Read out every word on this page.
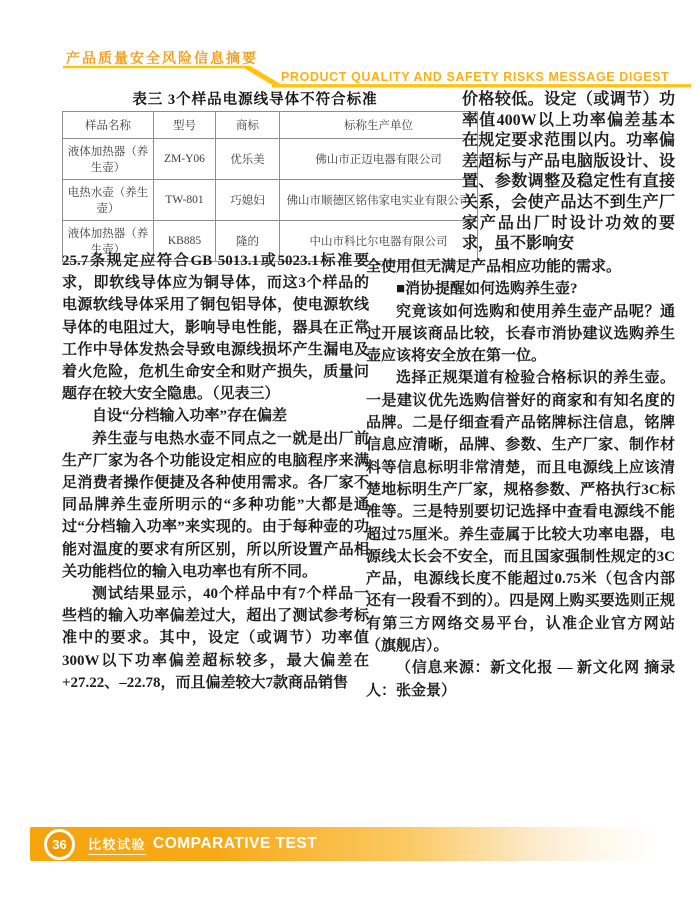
产品质量安全风险信息摘要
PRODUCT QUALITY AND SAFETY RISKS MESSAGE DIGEST
表三 3个样品电源线导体不符合标准
样品名称	型号	商标	标称生产单位
液体加热器（养生壶）	ZM-Y06	优乐美	佛山市正迈电器有限公司
电热水壶（养生壶）	TW-801	巧媳妇	佛山市顺德区铭伟家电实业有限公司
液体加热器（养生壶）	KB885	隆的	中山市科比尔电器有限公司

价格较低。设定（或调节）功率值400W以上功率偏差基本在规定要求范围以内。功率偏差超标与产品电脑版设计、设置、参数调整及稳定性有直接关系，会使产品达不到生产厂家产品出厂时设计功效的要求，虽不影响安

25.7条规定应符合GB 5013.1或5023.1标准要求，即软线导体应为铜导体，而这3个样品的电源软线导体采用了铜包铝导体，使电源软线导体的电阻过大，影响导电性能，器具在正常工作中导体发热会导致电源线损坏产生漏电及着火危险，危机生命安全和财产损失，质量问题存在较大安全隐患。（见表三）

自设“分档输入功率”存在偏差

养生壶与电热水壶不同点之一就是出厂前生产厂家为各个功能设定相应的电脑程序来满足消费者操作便捷及各种使用需求。各厂家不同品牌养生壶所明示的“多种功能”大都是通过“分档输入功率”来实现的。由于每种壶的功能对温度的要求有所区别，所以所设置产品相关功能档位的输入电功率也有所不同。

测试结果显示，40个样品中有7个样品一些档的输入功率偏差过大，超出了测试参考标准中的要求。其中，设定（或调节）功率值300W以下功率偏差超标较多，最大偏差在+27.22、–22.78，而且偏差较大7款商品销售

全使用但无满足产品相应功能的需求。

■消协提醒如何选购养生壶?

究竟该如何选购和使用养生壶产品呢？通过开展该商品比较，长春市消协建议选购养生壶应该将安全放在第一位。

选择正规渠道有检验合格标识的养生壶。一是建议优先选购信誉好的商家和有知名度的品牌。二是仔细查看产品铭牌标注信息，铭牌信息应清晰，品牌、参数、生产厂家、制作材料等信息标明非常清楚，而且电源线上应该清楚地标明生产厂家，规格参数、严格执行3C标准等。三是特别要切记选择中查看电源线不能超过75厘米。养生壶属于比较大功率电器，电源线太长会不安全，而且国家强制性规定的3C产品，电源线长度不能超过0.75米（包含内部还有一段看不到的）。四是网上购买要选则正规有第三方网络交易平台，认准企业官方网站（旗舰店）。

（信息来源：新文化报 — 新文化网 摘录人：张金景）

36	比较试验 COMPARATIVE TEST
